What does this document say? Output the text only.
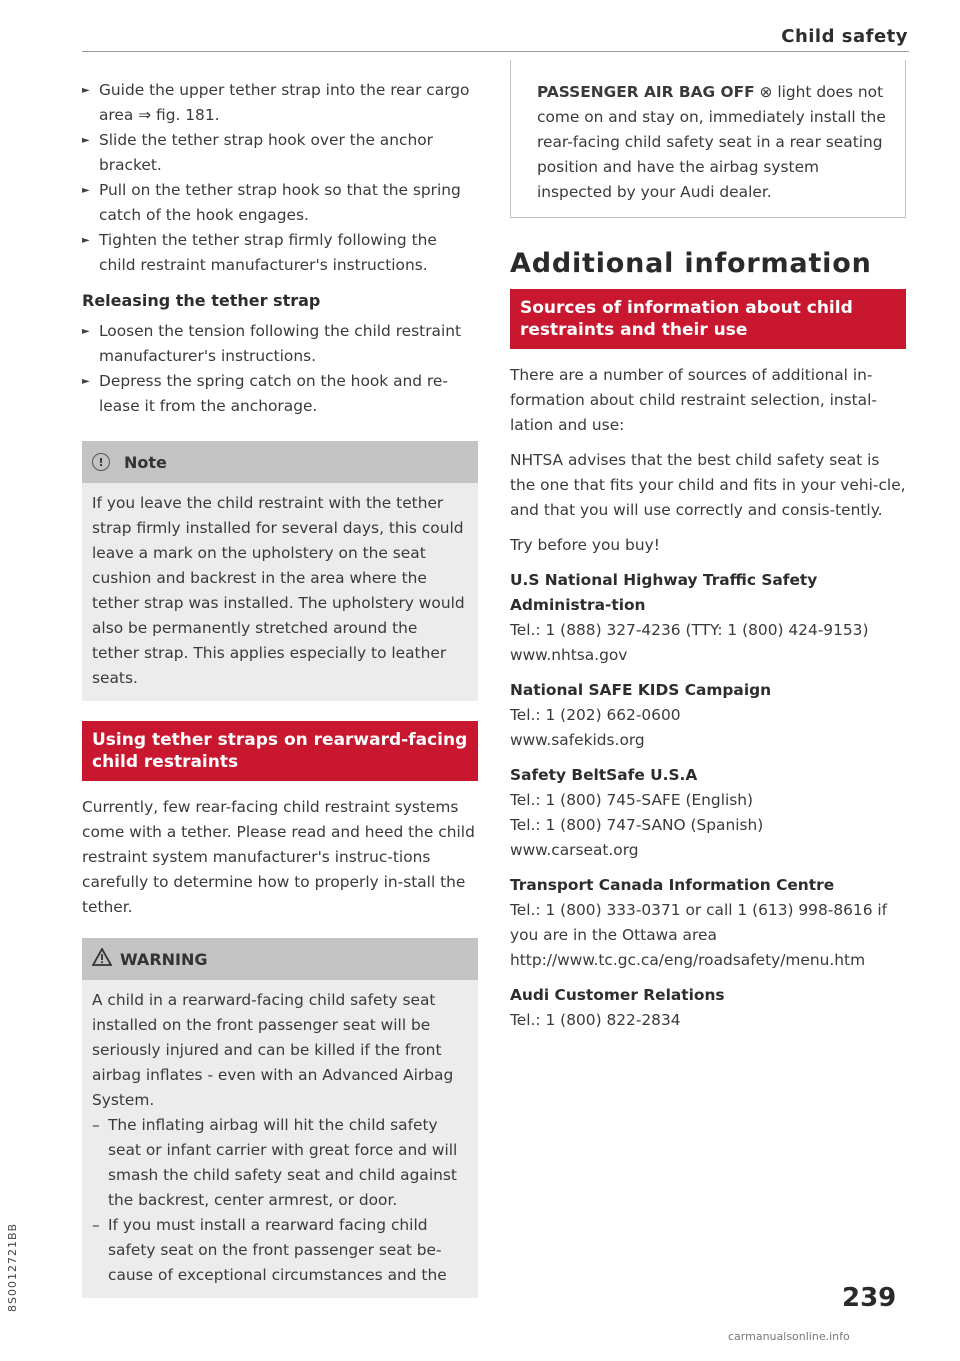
Child safety
► Guide the upper tether strap into the rear cargo area ⇒ fig. 181.
► Slide the tether strap hook over the anchor bracket.
► Pull on the tether strap hook so that the spring catch of the hook engages.
► Tighten the tether strap firmly following the child restraint manufacturer's instructions.
Releasing the tether strap
► Loosen the tension following the child restraint manufacturer's instructions.
► Depress the spring catch on the hook and re-lease it from the anchorage.
!	Note

If you leave the child restraint with the tether strap firmly installed for several days, this could leave a mark on the upholstery on the seat cushion and backrest in the area where the tether strap was installed. The upholstery would also be permanently stretched around the tether strap. This applies especially to leather seats.

Using tether straps on rearward-facing
child restraints

Currently, few rear-facing child restraint systems come with a tether. Please read and heed the child restraint system manufacturer's instruc-tions carefully to determine how to properly in-stall the tether.

WARNING

A child in a rearward-facing child safety seat installed on the front passenger seat will be seriously injured and can be killed if the front airbag inflates - even with an Advanced Airbag System.

– The inflating airbag will hit the child safety seat or infant carrier with great force and will smash the child safety seat and child against the backrest, center armrest, or door.
– If you must install a rearward facing child safety seat on the front passenger seat be-cause of exceptional circumstances and the

PASSENGER AIR BAG OFF ⊗ light does not come on and stay on, immediately install the rear-facing child safety seat in a rear seating position and have the airbag system inspected by your Audi dealer.

Additional information
Sources of information about child
restraints and their use

There are a number of sources of additional in-formation about child restraint selection, instal-lation and use:

NHTSA advises that the best child safety seat is the one that fits your child and fits in your vehi-cle, and that you will use correctly and consis-tently.

Try before you buy!

U.S National Highway Traffic Safety Administra-tion
Tel.: 1 (888) 327-4236 (TTY: 1 (800) 424-9153)
www.nhtsa.gov
National SAFE KIDS Campaign
Tel.: 1 (202) 662-0600
www.safekids.org
Safety BeltSafe U.S.A
Tel.: 1 (800) 745-SAFE (English)
Tel.: 1 (800) 747-SANO (Spanish)
www.carseat.org
Transport Canada Information Centre
Tel.: 1 (800) 333-0371 or call 1 (613) 998-8616 if you are in the Ottawa area
http://www.tc.gc.ca/eng/roadsafety/menu.htm
Audi Customer Relations
Tel.: 1 (800) 822-2834
239
8S0012721BB
carmanualsonline.info
